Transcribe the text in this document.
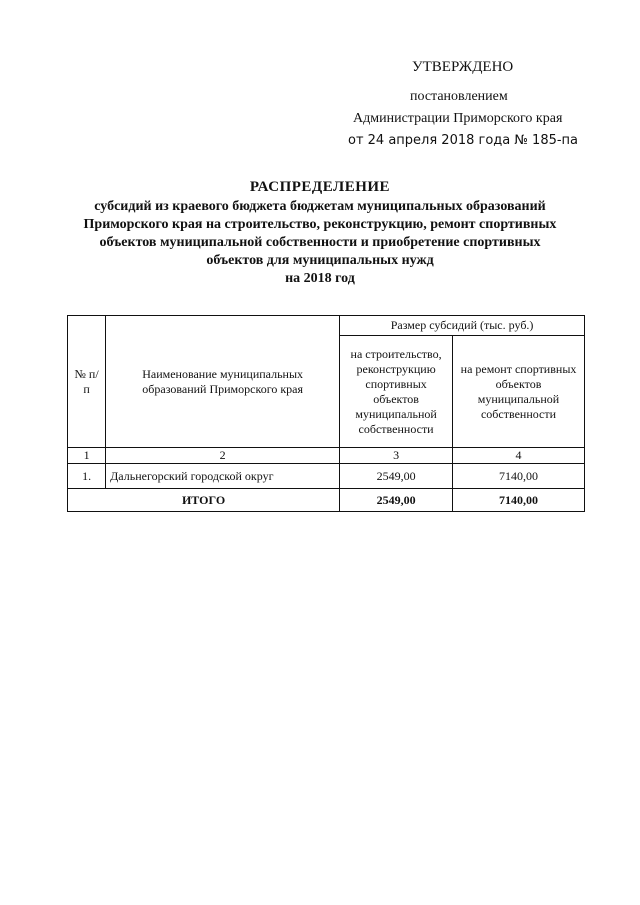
УТВЕРЖДЕНО
постановлением
Администрации Приморского края
от 24 апреля 2018 года № 185-па
РАСПРЕДЕЛЕНИЕ
субсидий из краевого бюджета бюджетам муниципальных образований
Приморского края на строительство, реконструкцию, ремонт спортивных
объектов муниципальной собственности и приобретение спортивных
объектов для муниципальных нужд
на 2018 год
№ п/п	Наименование муниципальных образований Приморского края	Размер субсидий (тыс. руб.)	
		на строительство, реконструкцию спортивных объектов муниципальной собственности	на ремонт спортивных объектов муниципальной собственности
1	2	3	4
1.	Дальнегорский городской округ	2549,00	7140,00
ИТОГО		2549,00	7140,00
